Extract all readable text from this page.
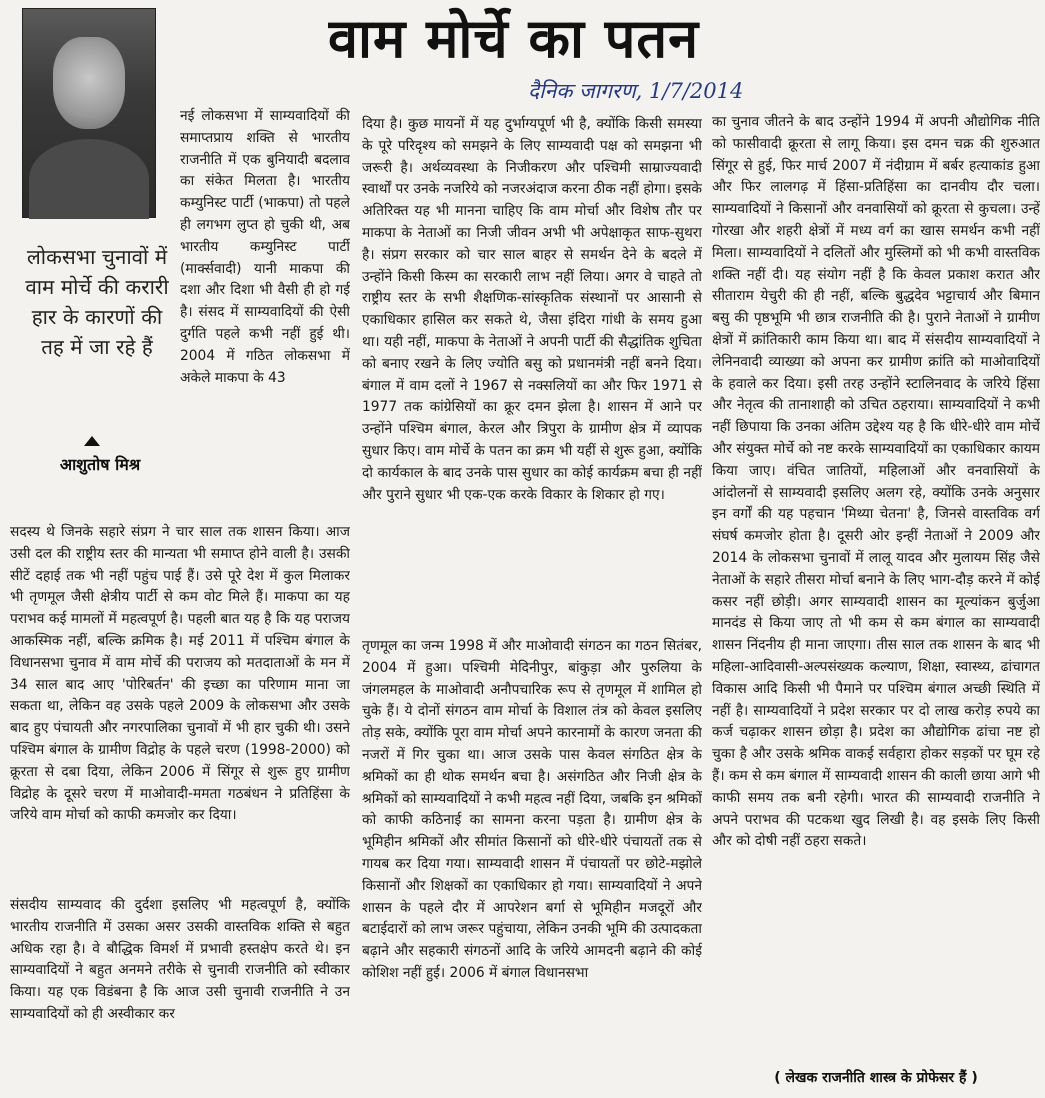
वाम मोर्चे का पतन
दैनिक जागरण, 1/7/2014
लोकसभा चुनावों में वाम मोर्चे की करारी हार के कारणों की तह में जा रहे हैं
आशुतोष मिश्र

नई लोकसभा में साम्यवादियों की समाप्तप्राय शक्ति से भारतीय राजनीति में एक बुनियादी बदलाव का संकेत मिलता है। भारतीय कम्युनिस्ट पार्टी (भाकपा) तो पहले ही लगभग लुप्त हो चुकी थी, अब भारतीय कम्युनिस्ट पार्टी (मार्क्सवादी) यानी माकपा की दशा और दिशा भी वैसी ही हो गई है। संसद में साम्यवादियों की ऐसी दुर्गति पहले कभी नहीं हुई थी। 2004 में गठित लोकसभा में अकेले माकपा के 43

सदस्य थे जिनके सहारे संप्रग ने चार साल तक शासन किया। आज उसी दल की राष्ट्रीय स्तर की मान्यता भी समाप्त होने वाली है। उसकी सीटें दहाई तक भी नहीं पहुंच पाई हैं। उसे पूरे देश में कुल मिलाकर भी तृणमूल जैसी क्षेत्रीय पार्टी से कम वोट मिले हैं। माकपा का यह पराभव कई मामलों में महत्वपूर्ण है। पहली बात यह है कि यह पराजय आकस्मिक नहीं, बल्कि क्रमिक है। मई 2011 में पश्चिम बंगाल के विधानसभा चुनाव में वाम मोर्चे की पराजय को मतदाताओं के मन में 34 साल बाद आए 'पोरिबर्तन' की इच्छा का परिणाम माना जा सकता था, लेकिन वह उसके पहले 2009 के लोकसभा और उसके बाद हुए पंचायती और नगरपालिका चुनावों में भी हार चुकी थी। उसने पश्चिम बंगाल के ग्रामीण विद्रोह के पहले चरण (1998-2000) को क्रूरता से दबा दिया, लेकिन 2006 में सिंगूर से शुरू हुए ग्रामीण विद्रोह के दूसरे चरण में माओवादी-ममता गठबंधन ने प्रतिहिंसा के जरिये वाम मोर्चा को काफी कमजोर कर दिया।

संसदीय साम्यवाद की दुर्दशा इसलिए भी महत्वपूर्ण है, क्योंकि भारतीय राजनीति में उसका असर उसकी वास्तविक शक्ति से बहुत अधिक रहा है। वे बौद्धिक विमर्श में प्रभावी हस्तक्षेप करते थे। इन साम्यवादियों ने बहुत अनमने तरीके से चुनावी राजनीति को स्वीकार किया। यह एक विडंबना है कि आज उसी चुनावी राजनीति ने उन साम्यवादियों को ही अस्वीकार कर

दिया है। कुछ मायनों में यह दुर्भाग्यपूर्ण भी है, क्योंकि किसी समस्या के पूरे परिदृश्य को समझने के लिए साम्यवादी पक्ष को समझना भी जरूरी है। अर्थव्यवस्था के निजीकरण और पश्चिमी साम्राज्यवादी स्वार्थों पर उनके नजरिये को नजरअंदाज करना ठीक नहीं होगा। इसके अतिरिक्त यह भी मानना चाहिए कि वाम मोर्चा और विशेष तौर पर माकपा के नेताओं का निजी जीवन अभी भी अपेक्षाकृत साफ-सुथरा है। संप्रग सरकार को चार साल बाहर से समर्थन देने के बदले में उन्होंने किसी किस्म का सरकारी लाभ नहीं लिया। अगर वे चाहते तो राष्ट्रीय स्तर के सभी शैक्षणिक-सांस्कृतिक संस्थानों पर आसानी से एकाधिकार हासिल कर सकते थे, जैसा इंदिरा गांधी के समय हुआ था। यही नहीं, माकपा के नेताओं ने अपनी पार्टी की सैद्धांतिक शुचिता को बनाए रखने के लिए ज्योति बसु को प्रधानमंत्री नहीं बनने दिया। बंगाल में वाम दलों ने 1967 से नक्सलियों का और फिर 1971 से 1977 तक कांग्रेसियों का क्रूर दमन झेला है। शासन में आने पर उन्होंने पश्चिम बंगाल, केरल और त्रिपुरा के ग्रामीण क्षेत्र में व्यापक सुधार किए। वाम मोर्चे के पतन का क्रम भी यहीं से शुरू हुआ, क्योंकि दो कार्यकाल के बाद उनके पास सुधार का कोई कार्यक्रम बचा ही नहीं और पुराने सुधार भी एक-एक करके विकार के शिकार हो गए।

तृणमूल का जन्म 1998 में और माओवादी संगठन का गठन सितंबर, 2004 में हुआ। पश्चिमी मेदिनीपुर, बांकुड़ा और पुरुलिया के जंगलमहल के माओवादी अनौपचारिक रूप से तृणमूल में शामिल हो चुके हैं। ये दोनों संगठन वाम मोर्चा के विशाल तंत्र को केवल इसलिए तोड़ सके, क्योंकि पूरा वाम मोर्चा अपने कारनामों के कारण जनता की नजरों में गिर चुका था। आज उसके पास केवल संगठित क्षेत्र के श्रमिकों का ही थोक समर्थन बचा है। असंगठित और निजी क्षेत्र के श्रमिकों को साम्यवादियों ने कभी महत्व नहीं दिया, जबकि इन श्रमिकों को काफी कठिनाई का सामना करना पड़ता है। ग्रामीण क्षेत्र के भूमिहीन श्रमिकों और सीमांत किसानों को धीरे-धीरे पंचायतों तक से गायब कर दिया गया। साम्यवादी शासन में पंचायतों पर छोटे-मझोले किसानों और शिक्षकों का एकाधिकार हो गया। साम्यवादियों ने अपने शासन के पहले दौर में आपरेशन बर्गा से भूमिहीन मजदूरों और बटाईदारों को लाभ जरूर पहुंचाया, लेकिन उनकी भूमि की उत्पादकता बढ़ाने और सहकारी संगठनों आदि के जरिये आमदनी बढ़ाने की कोई कोशिश नहीं हुई। 2006 में बंगाल विधानसभा

का चुनाव जीतने के बाद उन्होंने 1994 में अपनी औद्योगिक नीति को फासीवादी क्रूरता से लागू किया। इस दमन चक्र की शुरुआत सिंगूर से हुई, फिर मार्च 2007 में नंदीग्राम में बर्बर हत्याकांड हुआ और फिर लालगढ़ में हिंसा-प्रतिहिंसा का दानवीय दौर चला। साम्यवादियों ने किसानों और वनवासियों को क्रूरता से कुचला। उन्हें गोरखा और शहरी क्षेत्रों में मध्य वर्ग का खास समर्थन कभी नहीं मिला। साम्यवादियों ने दलितों और मुस्लिमों को भी कभी वास्तविक शक्ति नहीं दी। यह संयोग नहीं है कि केवल प्रकाश करात और सीताराम येचुरी की ही नहीं, बल्कि बुद्धदेव भट्टाचार्य और बिमान बसु की पृष्ठभूमि भी छात्र राजनीति की है। पुराने नेताओं ने ग्रामीण क्षेत्रों में क्रांतिकारी काम किया था। बाद में संसदीय साम्यवादियों ने लेनिनवादी व्याख्या को अपना कर ग्रामीण क्रांति को माओवादियों के हवाले कर दिया। इसी तरह उन्होंने स्टालिनवाद के जरिये हिंसा और नेतृत्व की तानाशाही को उचित ठहराया। साम्यवादियों ने कभी नहीं छिपाया कि उनका अंतिम उद्देश्य यह है कि धीरे-धीरे वाम मोर्चे और संयुक्त मोर्चे को नष्ट करके साम्यवादियों का एकाधिकार कायम किया जाए। वंचित जातियों, महिलाओं और वनवासियों के आंदोलनों से साम्यवादी इसलिए अलग रहे, क्योंकि उनके अनुसार इन वर्गों की यह पहचान 'मिथ्या चेतना' है, जिनसे वास्तविक वर्ग संघर्ष कमजोर होता है। दूसरी ओर इन्हीं नेताओं ने 2009 और 2014 के लोकसभा चुनावों में लालू यादव और मुलायम सिंह जैसे नेताओं के सहारे तीसरा मोर्चा बनाने के लिए भाग-दौड़ करने में कोई कसर नहीं छोड़ी। अगर साम्यवादी शासन का मूल्यांकन बुर्जुआ मानदंड से किया जाए तो भी कम से कम बंगाल का साम्यवादी शासन निंदनीय ही माना जाएगा। तीस साल तक शासन के बाद भी महिला-आदिवासी-अल्पसंख्यक कल्याण, शिक्षा, स्वास्थ्य, ढांचागत विकास आदि किसी भी पैमाने पर पश्चिम बंगाल अच्छी स्थिति में नहीं है। साम्यवादियों ने प्रदेश सरकार पर दो लाख करोड़ रुपये का कर्ज चढ़ाकर शासन छोड़ा है। प्रदेश का औद्योगिक ढांचा नष्ट हो चुका है और उसके श्रमिक वाकई सर्वहारा होकर सड़कों पर घूम रहे हैं। कम से कम बंगाल में साम्यवादी शासन की काली छाया आगे भी काफी समय तक बनी रहेगी। भारत की साम्यवादी राजनीति ने अपने पराभव की पटकथा खुद लिखी है। वह इसके लिए किसी और को दोषी नहीं ठहरा सकते।

( लेखक राजनीति शास्त्र के प्रोफेसर हैं )
